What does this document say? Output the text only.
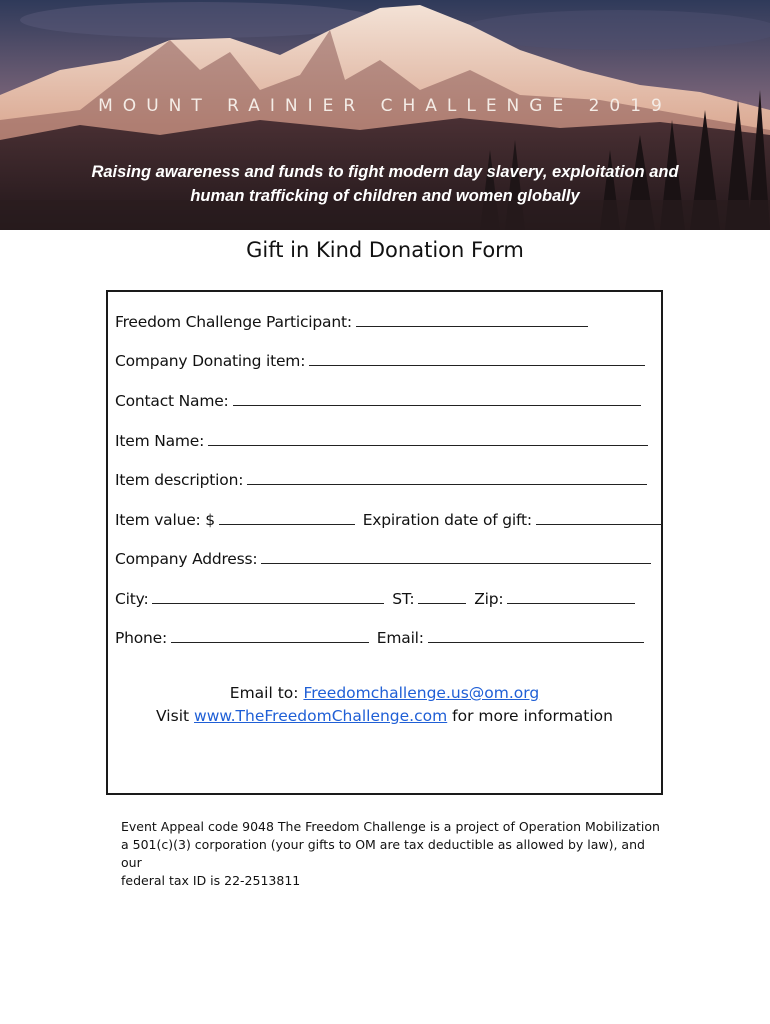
MOUNT RAINIER CHALLENGE 2019
Raising awareness and funds to fight modern day slavery, exploitation and
human trafficking of children and women globally
Gift in Kind Donation Form
Freedom Challenge Participant:
Company Donating item:
Contact Name:
Item Name:
Item description:
Item value: $	Expiration date of gift:
Company Address:
City:	ST:	Zip:
Phone:	Email:
Email to: Freedomchallenge.us@om.org
Visit www.TheFreedomChallenge.com for more information
Event Appeal code 9048 The Freedom Challenge is a project of Operation Mobilization
a 501(c)(3) corporation (your gifts to OM are tax deductible as allowed by law), and our
federal tax ID is 22-2513811
